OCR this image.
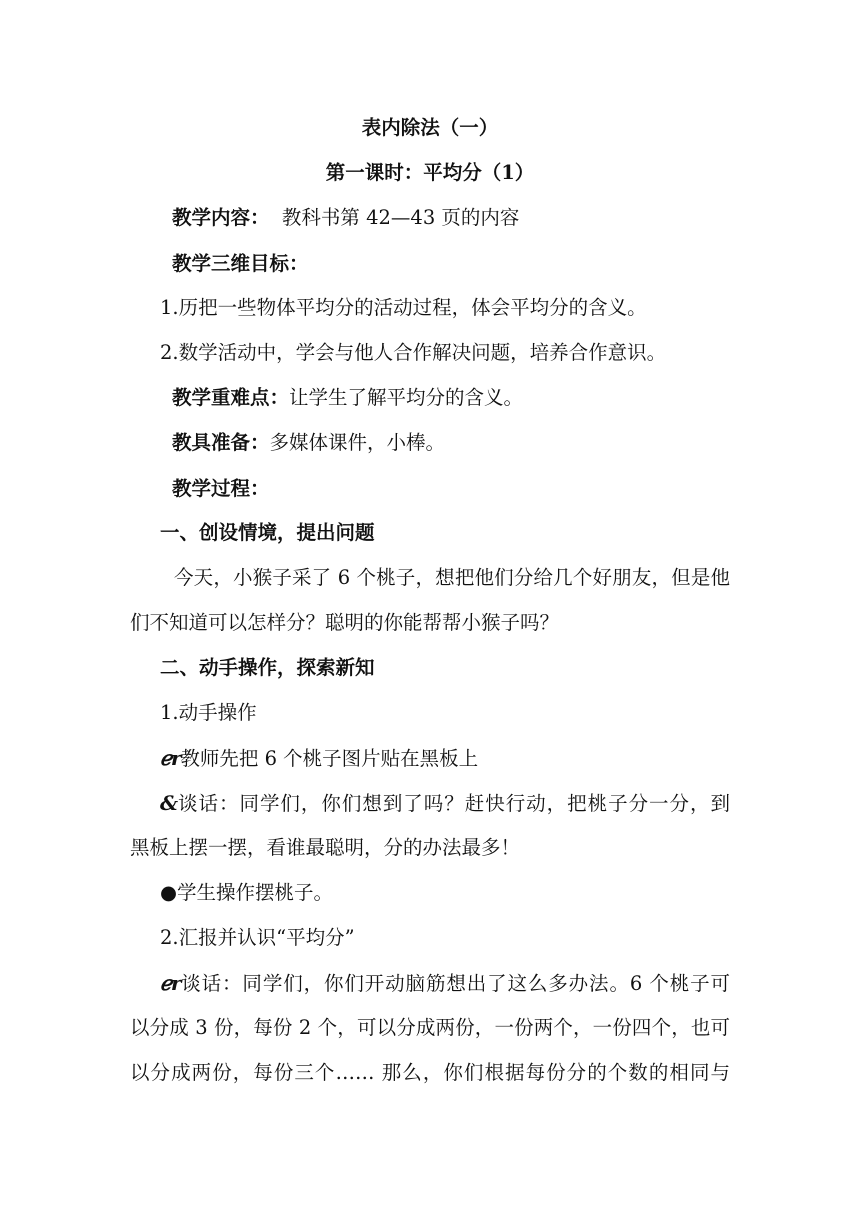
表内除法（一）
第一课时：平均分（1）
教学内容：  教科书第 42—43 页的内容
教学三维目标：
1.历把一些物体平均分的活动过程，体会平均分的含义。
2.数学活动中，学会与他人合作解决问题，培养合作意识。
教学重难点：让学生了解平均分的含义。
教具准备：多媒体课件，小棒。
教学过程：
一、创设情境，提出问题
今天，小猴子采了 6 个桃子，想把他们分给几个好朋友，但是他
们不知道可以怎样分？聪明的你能帮帮小猴子吗？
二、动手操作，探索新知
1.动手操作
ℯr教师先把 6 个桃子图片贴在黑板上
&谈话：同学们，你们想到了吗？赶快行动，把桃子分一分，到
黑板上摆一摆，看谁最聪明，分的办法最多！
●学生操作摆桃子。
2.汇报并认识“平均分”
ℯr谈话：同学们，你们开动脑筋想出了这么多办法。6 个桃子可
以分成 3 份，每份 2 个，可以分成两份，一份两个，一份四个，也可
以分成两份，每份三个…… 那么，你们根据每份分的个数的相同与
